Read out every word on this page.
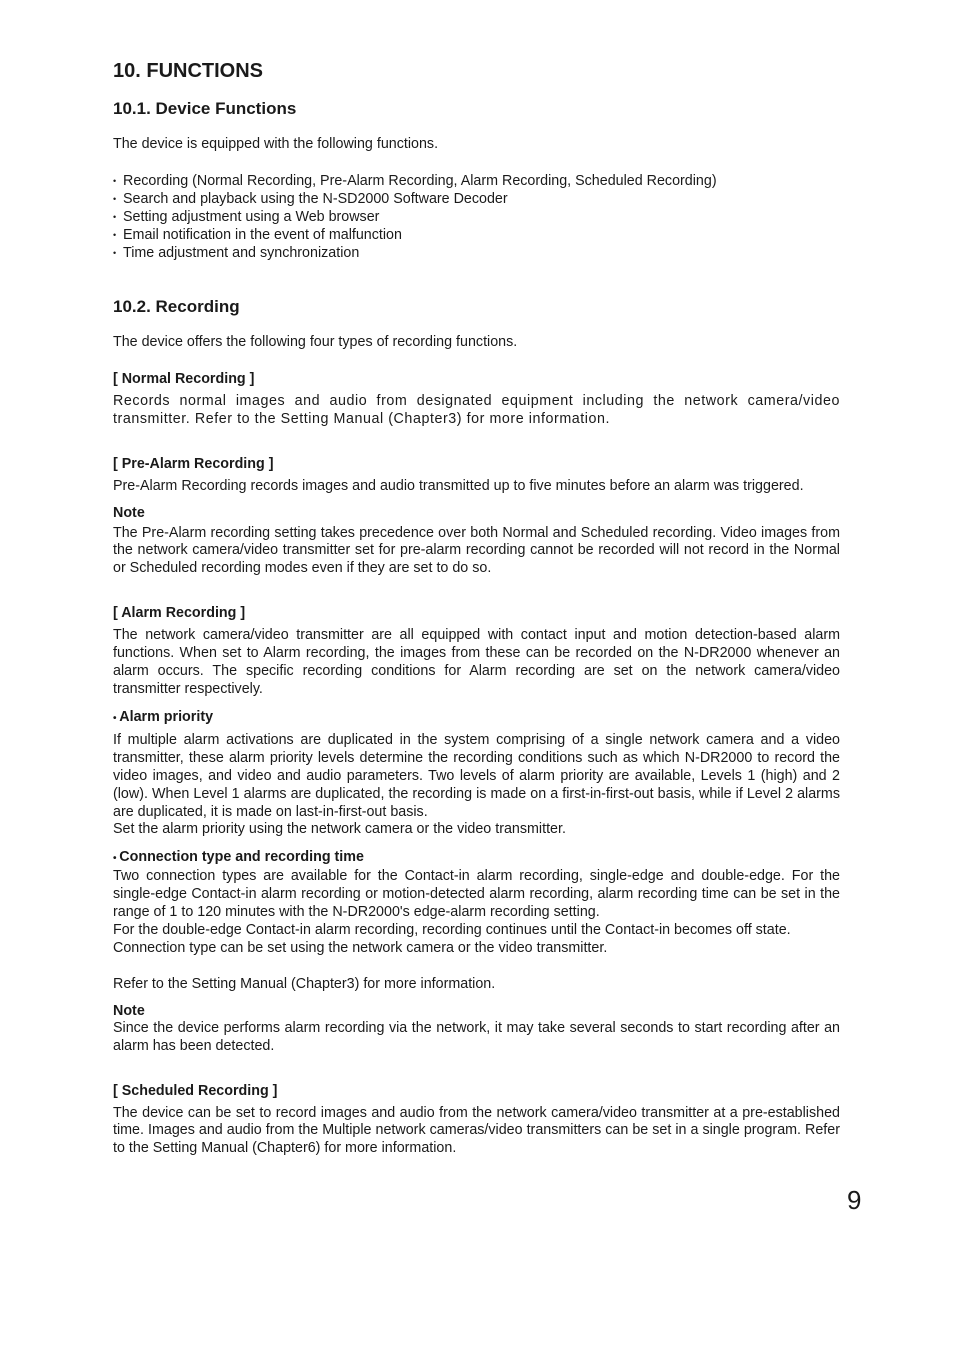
10. FUNCTIONS
10.1. Device Functions

The device is equipped with the following functions.

• Recording (Normal Recording, Pre-Alarm Recording, Alarm Recording, Scheduled Recording)
• Search and playback using the N-SD2000 Software Decoder
• Setting adjustment using a Web browser
• Email notification in the event of malfunction
• Time adjustment and synchronization
10.2. Recording

The device offers the following four types of recording functions.

[ Normal Recording ]

Records normal images and audio from designated equipment including the network camera/video transmitter. Refer to the Setting Manual (Chapter3) for more information.

[ Pre-Alarm Recording ]

Pre-Alarm Recording records images and audio transmitted up to five minutes before an alarm was triggered.

Note

The Pre-Alarm recording setting takes precedence over both Normal and Scheduled recording. Video images from the network camera/video transmitter set for pre-alarm recording cannot be recorded will not record in the Normal or Scheduled recording modes even if they are set to do so.

[ Alarm Recording ]

The network camera/video transmitter are all equipped with contact input and motion detection-based alarm functions. When set to Alarm recording, the images from these can be recorded on the N-DR2000 whenever an alarm occurs. The specific recording conditions for Alarm recording are set on the network camera/video transmitter respectively.

• Alarm priority

If multiple alarm activations are duplicated in the system comprising of a single network camera and a video transmitter, these alarm priority levels determine the recording conditions such as which N-DR2000 to record the video images, and video and audio parameters. Two levels of alarm priority are available, Levels 1 (high) and 2 (low). When Level 1 alarms are duplicated, the recording is made on a first-in-first-out basis, while if Level 2 alarms are duplicated, it is made on last-in-first-out basis.

Set the alarm priority using the network camera or the video transmitter.

• Connection type and recording time

Two connection types are available for the Contact-in alarm recording, single-edge and double-edge. For the single-edge Contact-in alarm recording or motion-detected alarm recording, alarm recording time can be set in the range of 1 to 120 minutes with the N-DR2000's edge-alarm recording setting.

For the double-edge Contact-in alarm recording, recording continues until the Contact-in becomes off state.

Connection type can be set using the network camera or the video transmitter.

Refer to the Setting Manual (Chapter3) for more information.

Note

Since the device performs alarm recording via the network, it may take several seconds to start recording after an alarm has been detected.

[ Scheduled Recording ]

The device can be set to record images and audio from the network camera/video transmitter at a pre-established time. Images and audio from the Multiple network cameras/video transmitters can be set in a single program. Refer to the Setting Manual (Chapter6) for more information.

9
